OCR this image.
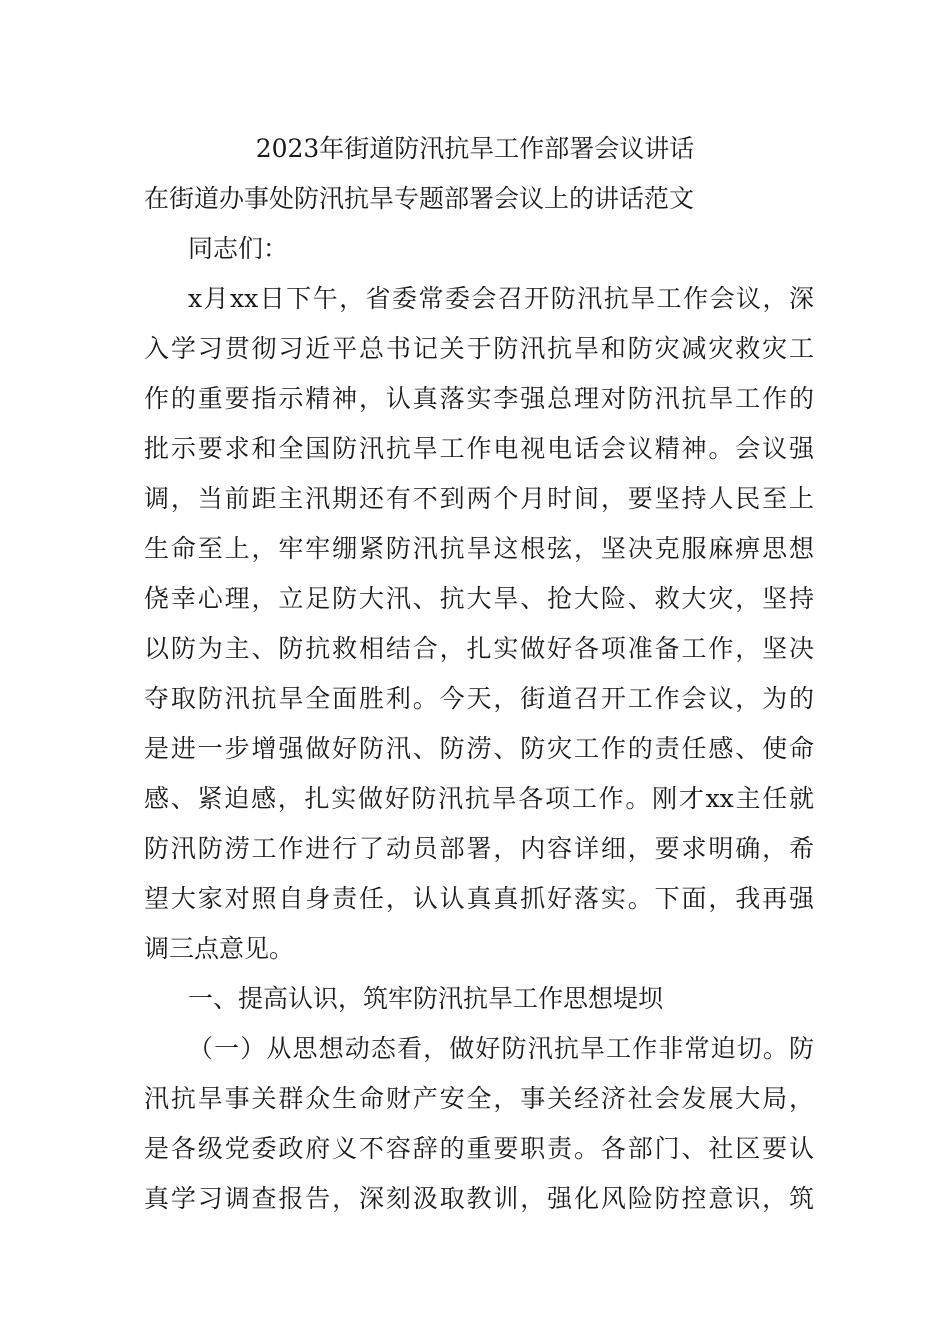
2023年街道防汛抗旱工作部署会议讲话
在街道办事处防汛抗旱专题部署会议上的讲话范文
同志们：
x月xx日下午，省委常委会召开防汛抗旱工作会议，深
入学习贯彻习近平总书记关于防汛抗旱和防灾减灾救灾工
作的重要指示精神，认真落实李强总理对防汛抗旱工作的
批示要求和全国防汛抗旱工作电视电话会议精神。会议强
调，当前距主汛期还有不到两个月时间，要坚持人民至上
生命至上，牢牢绷紧防汛抗旱这根弦，坚决克服麻痹思想
侥幸心理，立足防大汛、抗大旱、抢大险、救大灾，坚持
以防为主、防抗救相结合，扎实做好各项准备工作，坚决
夺取防汛抗旱全面胜利。今天，街道召开工作会议，为的
是进一步增强做好防汛、防涝、防灾工作的责任感、使命
感、紧迫感，扎实做好防汛抗旱各项工作。刚才xx主任就
防汛防涝工作进行了动员部署，内容详细，要求明确，希
望大家对照自身责任，认认真真抓好落实。下面，我再强
调三点意见。
一、提高认识，筑牢防汛抗旱工作思想堤坝
（一）从思想动态看，做好防汛抗旱工作非常迫切。防
汛抗旱事关群众生命财产安全，事关经济社会发展大局，
是各级党委政府义不容辞的重要职责。各部门、社区要认
真学习调查报告，深刻汲取教训，强化风险防控意识，筑
